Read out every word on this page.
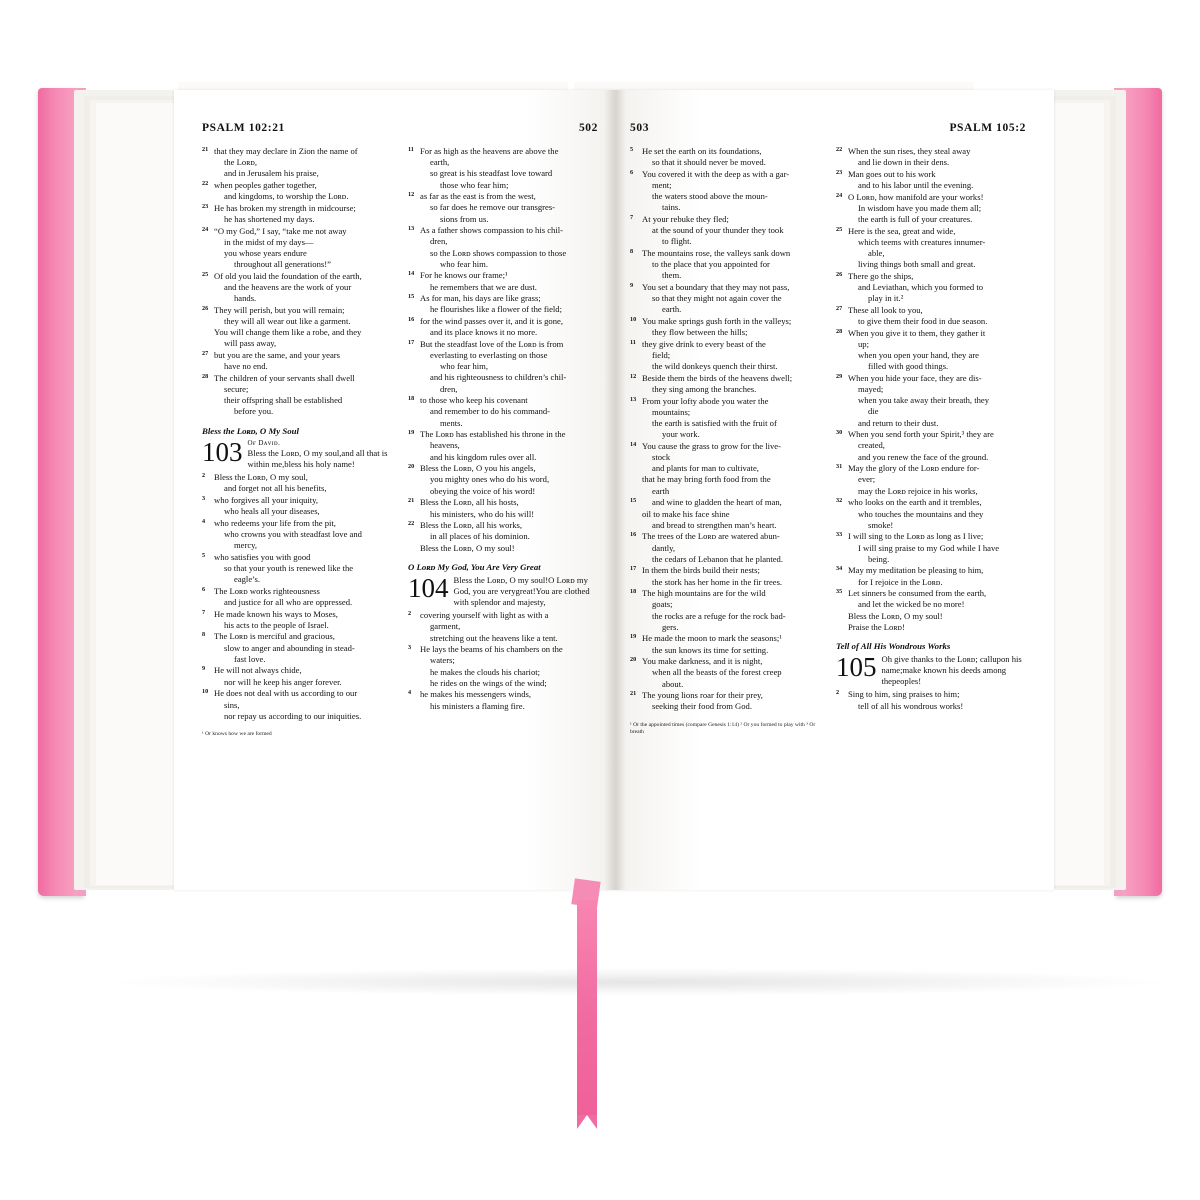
PSALM 102:21	502
21 that they may declare in Zion the name of
the Lᴏʀᴅ,
and in Jerusalem his praise,
22 when peoples gather together,
and kingdoms, to worship the Lᴏʀᴅ.
23 He has broken my strength in midcourse;
he has shortened my days.
24 “O my God,” I say, “take me not away
in the midst of my days—
you whose years endure
throughout all generations!”
25 Of old you laid the foundation of the earth,
and the heavens are the work of your
hands.
26 They will perish, but you will remain;
they will all wear out like a garment.
You will change them like a robe, and they
will pass away,
27 but you are the same, and your years
have no end.
28 The children of your servants shall dwell
secure;
their offspring shall be established
before you.
Bless the Lᴏʀᴅ, O My Soul
103 Oғ Dᴀᴠɪᴅ.
Bless the Lᴏʀᴅ, O my soul,and all that is within me,bless his holy name!
2 Bless the Lᴏʀᴅ, O my soul,
and forget not all his benefits,
3 who forgives all your iniquity,
who heals all your diseases,
4 who redeems your life from the pit,
who crowns you with steadfast love and
mercy,
5 who satisfies you with good
so that your youth is renewed like the
eagle’s.
6 The Lᴏʀᴅ works righteousness
and justice for all who are oppressed.
7 He made known his ways to Moses,
his acts to the people of Israel.
8 The Lᴏʀᴅ is merciful and gracious,
slow to anger and abounding in stead-
fast love.
9 He will not always chide,
nor will he keep his anger forever.
10 He does not deal with us according to our
sins,
nor repay us according to our iniquities.
¹ Or knows how we are formed
11 For as high as the heavens are above the
earth,
so great is his steadfast love toward
those who fear him;
12 as far as the east is from the west,
so far does he remove our transgres-
sions from us.
13 As a father shows compassion to his chil-
dren,
so the Lᴏʀᴅ shows compassion to those
who fear him.
14 For he knows our frame;¹
he remembers that we are dust.
15 As for man, his days are like grass;
he flourishes like a flower of the field;
16 for the wind passes over it, and it is gone,
and its place knows it no more.
17 But the steadfast love of the Lᴏʀᴅ is from
everlasting to everlasting on those
who fear him,
and his righteousness to children’s chil-
dren,
18 to those who keep his covenant
and remember to do his command-
ments.
19 The Lᴏʀᴅ has established his throne in the
heavens,
and his kingdom rules over all.
20 Bless the Lᴏʀᴅ, O you his angels,
you mighty ones who do his word,
obeying the voice of his word!
21 Bless the Lᴏʀᴅ, all his hosts,
his ministers, who do his will!
22 Bless the Lᴏʀᴅ, all his works,
in all places of his dominion.
Bless the Lᴏʀᴅ, O my soul!
O Lᴏʀᴅ My God, You Are Very Great
104 Bless the Lᴏʀᴅ, O my soul!O Lᴏʀᴅ my God, you are verygreat!You are clothed with splendor and majesty,
2 covering yourself with light as with a
garment,
stretching out the heavens like a tent.
3 He lays the beams of his chambers on the
waters;
he makes the clouds his chariot;
he rides on the wings of the wind;
4 he makes his messengers winds,
his ministers a flaming fire.
503	PSALM 105:2
5 He set the earth on its foundations,
so that it should never be moved.
6 You covered it with the deep as with a gar-
ment;
the waters stood above the moun-
tains.
7 At your rebuke they fled;
at the sound of your thunder they took
to flight.
8 The mountains rose, the valleys sank down
to the place that you appointed for
them.
9 You set a boundary that they may not pass,
so that they might not again cover the
earth.
10 You make springs gush forth in the valleys;
they flow between the hills;
11 they give drink to every beast of the
field;
the wild donkeys quench their thirst.
12 Beside them the birds of the heavens dwell;
they sing among the branches.
13 From your lofty abode you water the
mountains;
the earth is satisfied with the fruit of
your work.
14 You cause the grass to grow for the live-
stock
and plants for man to cultivate,
that he may bring forth food from the
earth
15	and wine to gladden the heart of man,
oil to make his face shine
and bread to strengthen man’s heart.
16 The trees of the Lᴏʀᴅ are watered abun-
dantly,
the cedars of Lebanon that he planted.
17 In them the birds build their nests;
the stork has her home in the fir trees.
18 The high mountains are for the wild
goats;
the rocks are a refuge for the rock bad-
gers.
19 He made the moon to mark the seasons;¹
the sun knows its time for setting.
20 You make darkness, and it is night,
when all the beasts of the forest creep
about.
21 The young lions roar for their prey,
seeking their food from God.
¹ Or the appointed times (compare Genesis 1:14) ² Or you formed to play with ³ Or breath
22 When the sun rises, they steal away
and lie down in their dens.
23 Man goes out to his work
and to his labor until the evening.
24 O Lᴏʀᴅ, how manifold are your works!
In wisdom have you made them all;
the earth is full of your creatures.
25 Here is the sea, great and wide,
which teems with creatures innumer-
able,
living things both small and great.
26 There go the ships,
and Leviathan, which you formed to
play in it.²
27 These all look to you,
to give them their food in due season.
28 When you give it to them, they gather it
up;
when you open your hand, they are
filled with good things.
29 When you hide your face, they are dis-
mayed;
when you take away their breath, they
die
and return to their dust.
30 When you send forth your Spirit,³ they are
created,
and you renew the face of the ground.
31 May the glory of the Lᴏʀᴅ endure for-
ever;
may the Lᴏʀᴅ rejoice in his works,
32 who looks on the earth and it trembles,
who touches the mountains and they
smoke!
33 I will sing to the Lᴏʀᴅ as long as I live;
I will sing praise to my God while I have
being.
34 May my meditation be pleasing to him,
for I rejoice in the Lᴏʀᴅ.
35 Let sinners be consumed from the earth,
and let the wicked be no more!
Bless the Lᴏʀᴅ, O my soul!
Praise the Lᴏʀᴅ!
Tell of All His Wondrous Works
105 Oh give thanks to the Lᴏʀᴅ; callupon his name;make known his deeds among thepeoples!
2 Sing to him, sing praises to him;
tell of all his wondrous works!
